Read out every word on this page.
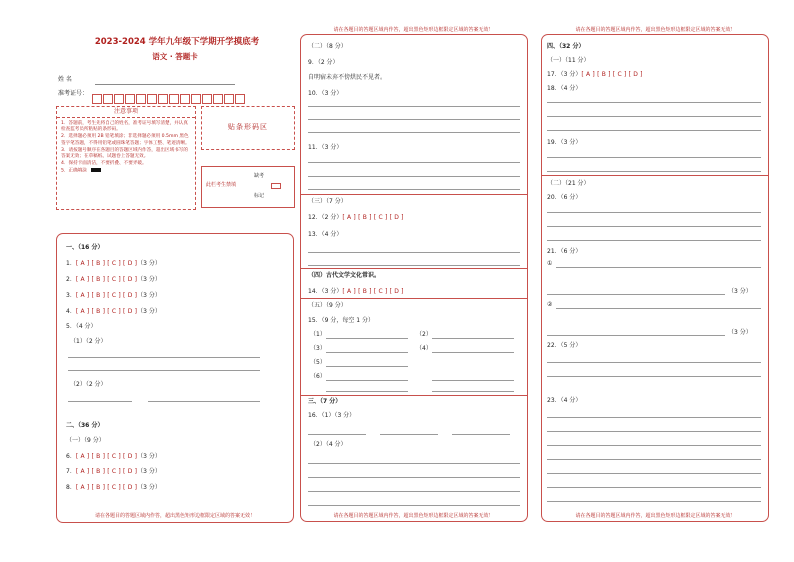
2023-2024 学年九年级下学期开学摸底考
语文 · 答题卡
姓 名
准考证号：
注意事项
1．答题前，考生先将自己的姓名，准考证号填写清楚，并认真检查监考员所粘贴的条形码。
2．选择题必须用 2B 铅笔填涂；非选择题必须用 0.5mm 黑色签字笔答题，不得用铅笔或圆珠笔答题；字体工整、笔迹清晰。
3．请按题号顺序在各题目的答题区域内作答，超出区域书写的答案无效；在草稿纸、试题卷上答题无效。
4．保持卡面清洁，不要折叠、不要弄破。
5．正确填涂
贴条形码区
此栏考生禁填
缺考
标记
一、（16 分）
1．[ A ] [ B ] [ C ] [ D ]（3 分）
2．[ A ] [ B ] [ C ] [ D ]（3 分）
3．[ A ] [ B ] [ C ] [ D ]（3 分）
4．[ A ] [ B ] [ C ] [ D ]（3 分）
5．（4 分）
（1）（2 分）
（2）（2 分）
二、（36 分）
（一）（9 分）
6．[ A ] [ B ] [ C ] [ D ]（3 分）
7．[ A ] [ B ] [ C ] [ D ]（3 分）
8．[ A ] [ B ] [ C ] [ D ]（3 分）
请在各题目的答题区域内作答，超出黑色矩形边框限定区域的答案无效！
请在各题目的答题区域内作答，超出黑色矩形边框限定区域的答案无效！
（二）（8 分）
9．（2 分）
自明宿未弃不傍烘民不见者。
10．（3 分）
11．（3 分）
（三）（7 分）
12．（2 分）[ A ] [ B ] [ C ] [ D ]
13．（4 分）
（四）古代文学文化常识。
14．（3 分）[ A ] [ B ] [ C ] [ D ]
（五）（9 分）
15．（9 分，每空 1 分）
（1）	（2）
（3）	（4）
（5）
（6）
三、（7 分）
16．（1）（3 分）
（2）（4 分）
请在各题目的答题区域内作答，超出黑色矩形边框限定区域的答案无效！
请在各题目的答题区域内作答，超出黑色矩形边框限定区域的答案无效！
四、（32 分）
（一）（11 分）
17．（3 分）[ A ] [ B ] [ C ] [ D ]
18．（4 分）
19．（3 分）
（二）（21 分）
20．（6 分）
21．（6 分）
①
（3 分）
②
（3 分）
22．（5 分）
23．（4 分）
请在各题目的答题区域内作答，超出黑色矩形边框限定区域的答案无效！
